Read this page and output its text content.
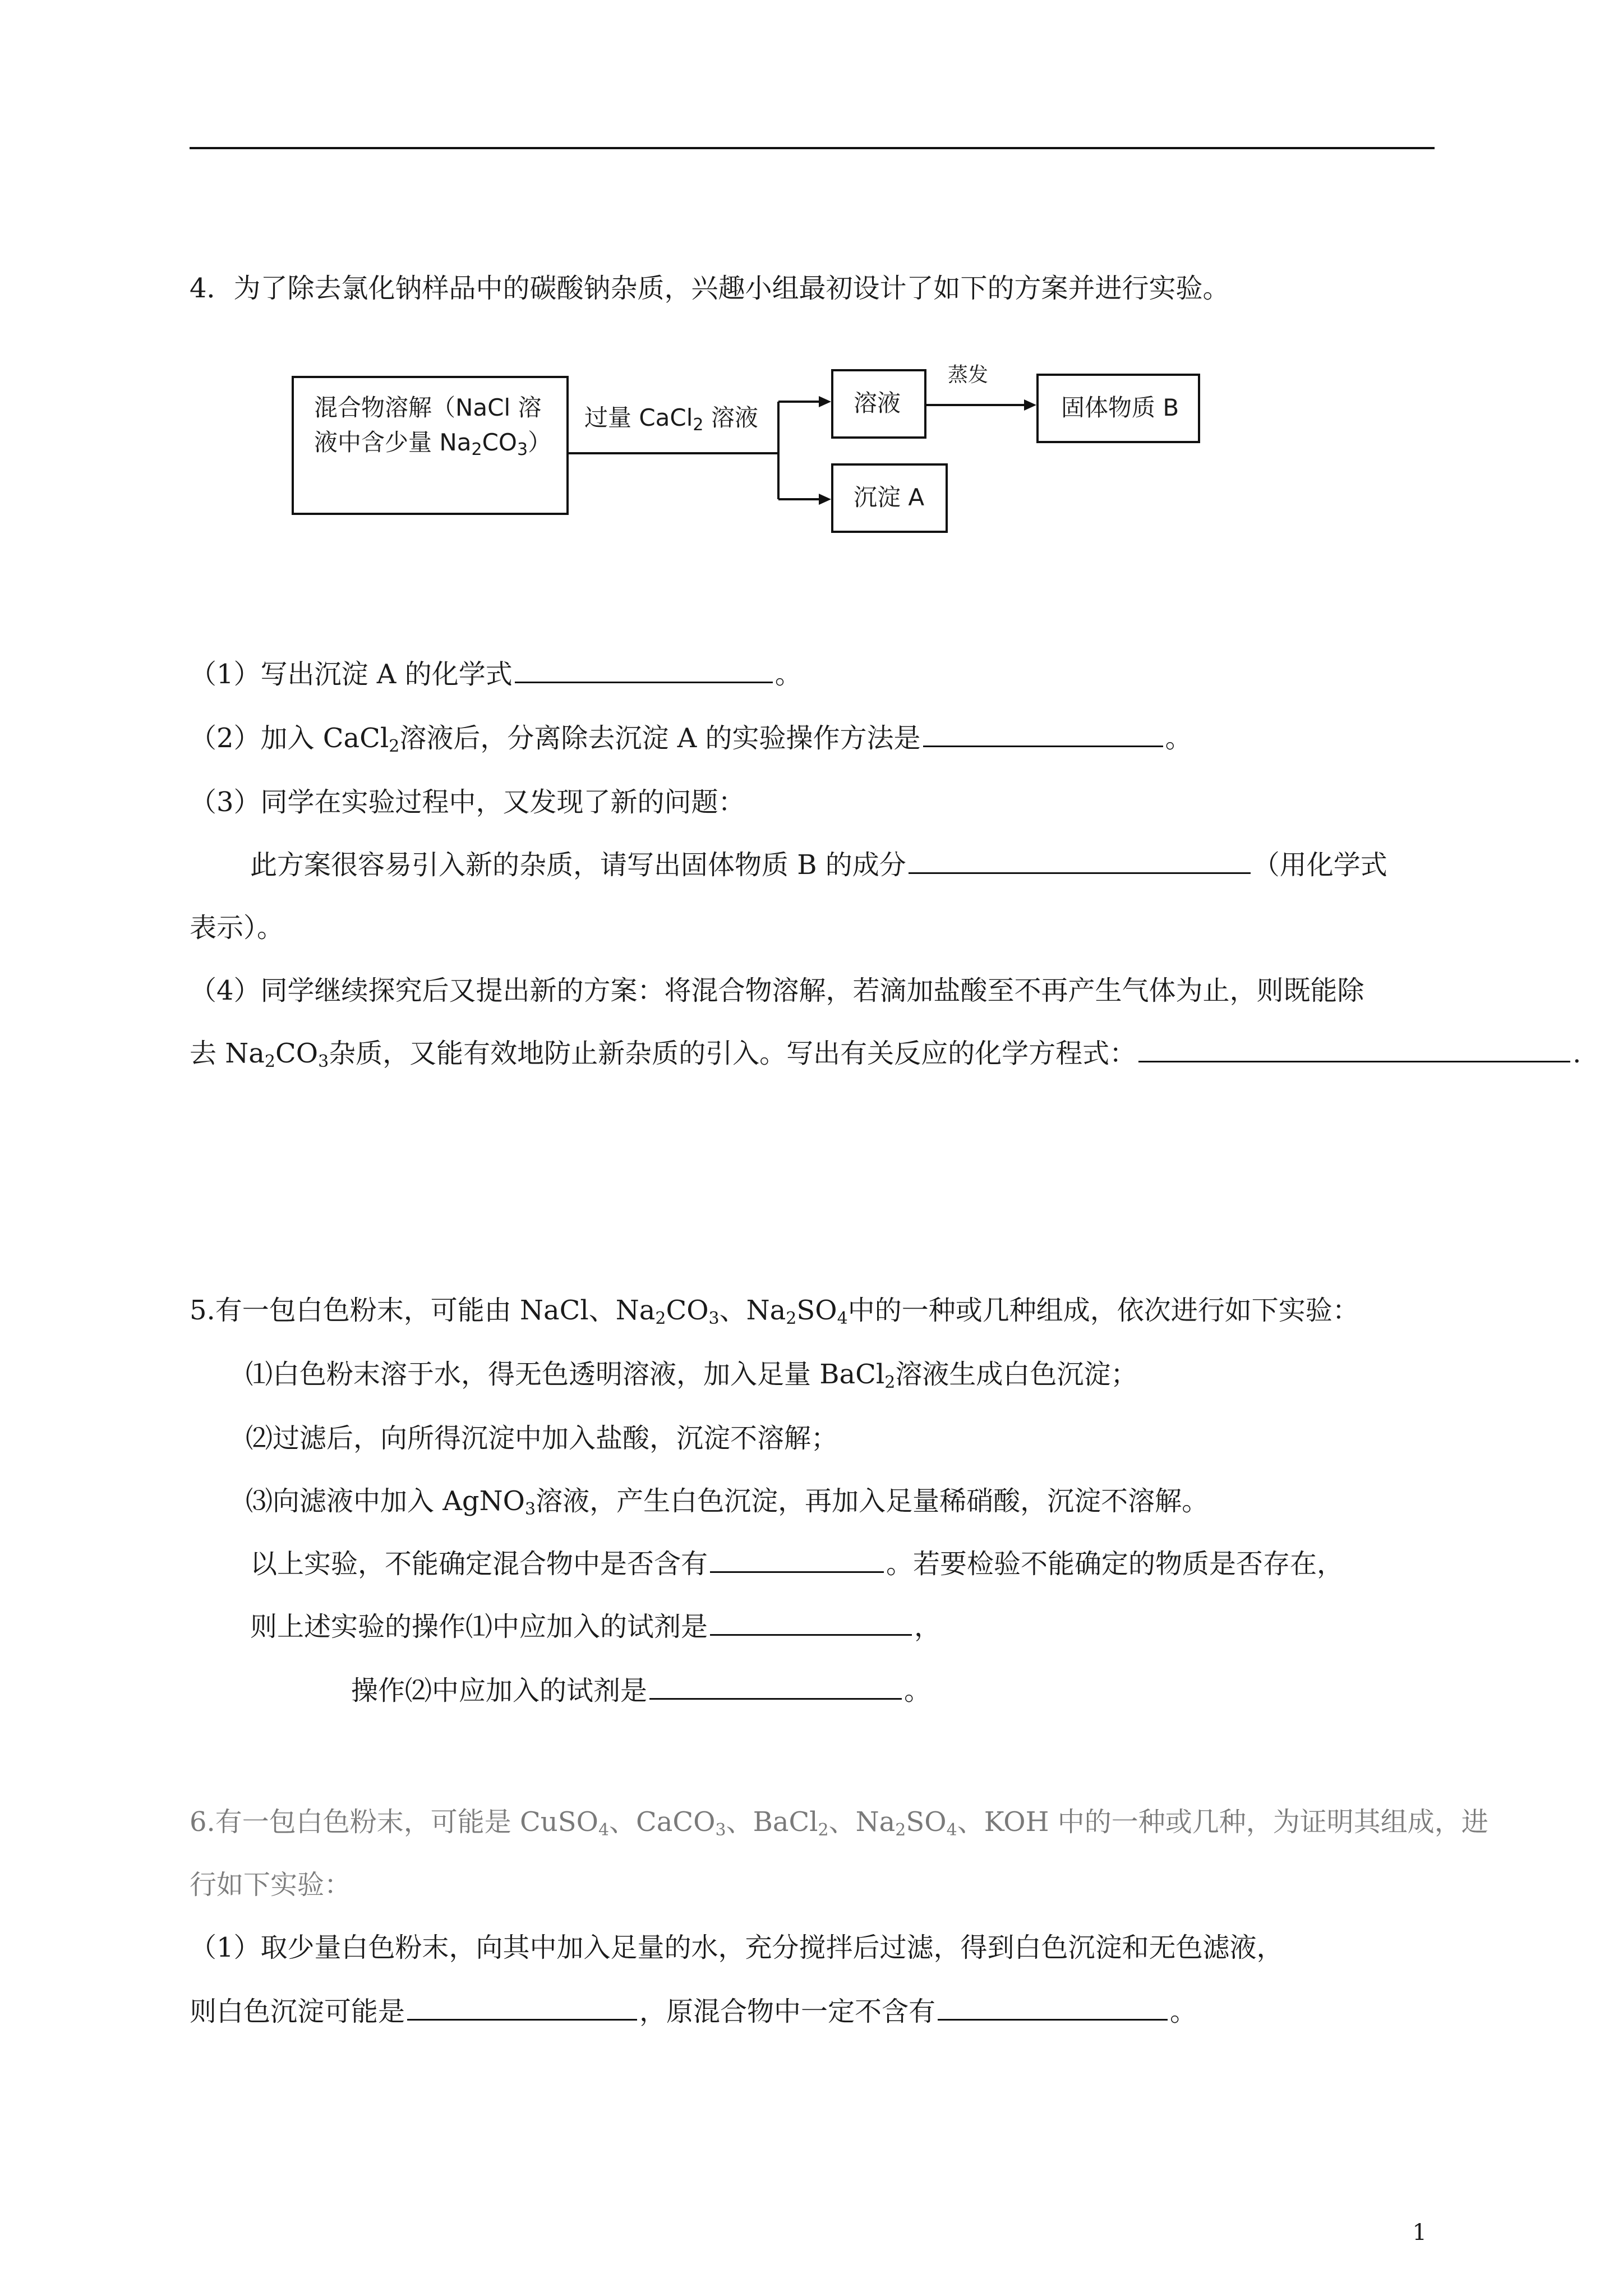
4．为了除去氯化钠样品中的碳酸钠杂质，兴趣小组最初设计了如下的方案并进行实验。
混合物溶解（NaCl 溶
液中含少量 $Na_2CO_3$）
过量 CaCl$_2$ 溶液
溶液
沉淀 A
蒸发
固体物质 B
（1）写出沉淀 A 的化学式	。
（2）加入 CaCl$_2$溶液后，分离除去沉淀 A 的实验操作方法是	。
（3）同学在实验过程中，又发现了新的问题：
此方案很容易引入新的杂质，请写出固体物质 B 的成分	（用化学式
表示）。
（4）同学继续探究后又提出新的方案：将混合物溶解，若滴加盐酸至不再产生气体为止，则既能除
去 $Na_2CO_3$杂质，又能有效地防止新杂质的引入。写出有关反应的化学方程式：	.
5.有一包白色粉末，可能由 NaCl、$Na_2CO_3$、$Na_2SO_4$中的一种或几种组成，依次进行如下实验：
⑴白色粉末溶于水，得无色透明溶液，加入足量 BaCl$_2$溶液生成白色沉淀；
⑵过滤后，向所得沉淀中加入盐酸，沉淀不溶解；
⑶向滤液中加入 AgNO$_3$溶液，产生白色沉淀，再加入足量稀硝酸，沉淀不溶解。
以上实验，不能确定混合物中是否含有	。若要检验不能确定的物质是否存在，
则上述实验的操作⑴中应加入的试剂是	，
操作⑵中应加入的试剂是	。
6.有一包白色粉末，可能是 CuSO$_4$、CaCO$_3$、BaCl$_2$、$Na_2SO_4$、KOH 中的一种或几种，为证明其组成，进
行如下实验：
（1）取少量白色粉末，向其中加入足量的水，充分搅拌后过滤，得到白色沉淀和无色滤液，
则白色沉淀可能是	，原混合物中一定不含有	。
1
